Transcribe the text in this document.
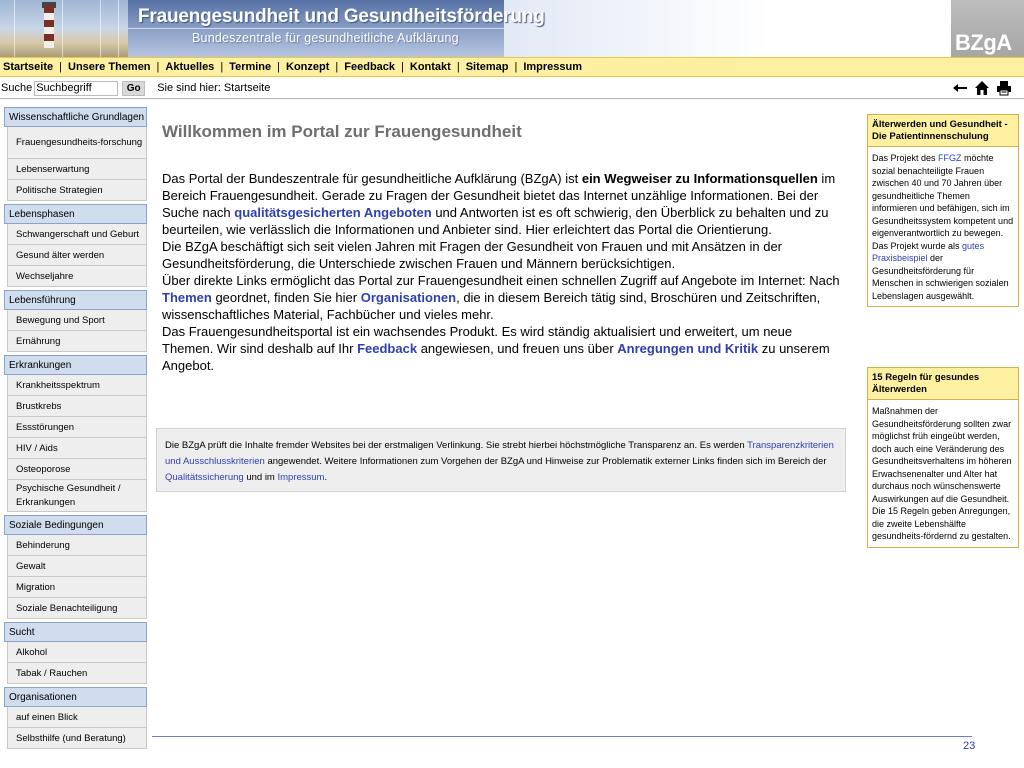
Frauengesundheit und Gesundheitsförderung
Bundeszentrale für gesundheitliche Aufklärung	BZgA
Startseite | Unsere Themen | Aktuelles | Termine | Konzept | Feedback | Kontakt | Sitemap | Impressum
Suche
Suchbegriff	Go	Sie sind hier: Startseite
Wissenschaftliche Grundlagen
Frauengesundheits-forschung
Lebenserwartung
Politische Strategien
Lebensphasen
Schwangerschaft und Geburt
Gesund älter werden
Wechseljahre
Lebensführung
Bewegung und Sport
Ernährung
Erkrankungen
Krankheitsspektrum
Brustkrebs
Essstörungen
HIV / Aids
Osteoporose
Psychische Gesundheit / Erkrankungen
Soziale Bedingungen
Behinderung
Gewalt
Migration
Soziale Benachteiligung
Sucht
Alkohol
Tabak / Rauchen
Organisationen
auf einen Blick
Selbsthilfe (und Beratung)
Willkommen im Portal zur Frauengesundheit

Das Portal der Bundeszentrale für gesundheitliche Aufklärung (BZgA) ist ein Wegweiser zu Informationsquellen im Bereich Frauengesundheit. Gerade zu Fragen der Gesundheit bietet das Internet unzählige Informationen. Bei der Suche nach qualitätsgesicherten Angeboten und Antworten ist es oft schwierig, den Überblick zu behalten und zu beurteilen, wie verlässlich die Informationen und Anbieter sind. Hier erleichtert das Portal die Orientierung.

Die BZgA beschäftigt sich seit vielen Jahren mit Fragen der Gesundheit von Frauen und mit Ansätzen in der Gesundheitsförderung, die Unterschiede zwischen Frauen und Männern berücksichtigen.

Über direkte Links ermöglicht das Portal zur Frauengesundheit einen schnellen Zugriff auf Angebote im Internet: Nach Themen geordnet, finden Sie hier Organisationen, die in diesem Bereich tätig sind, Broschüren und Zeitschriften, wissenschaftliches Material, Fachbücher und vieles mehr.

Das Frauengesundheitsportal ist ein wachsendes Produkt. Es wird ständig aktualisiert und erweitert, um neue Themen. Wir sind deshalb auf Ihr Feedback angewiesen, und freuen uns über Anregungen und Kritik zu unserem Angebot.

Die BZgA prüft die Inhalte fremder Websites bei der erstmaligen Verlinkung. Sie strebt hierbei höchstmögliche Transparenz an. Es werden Transparenzkriterien und Ausschlusskriterien angewendet. Weitere Informationen zum Vorgehen der BZgA und Hinweise zur Problematik externer Links finden sich im Bereich der Qualitätssicherung und im Impressum.
Älterwerden und Gesundheit - Die Patientinnenschulung
Das Projekt des FFGZ möchte sozial benachteiligte Frauen zwischen 40 und 70 Jahren über gesundheitliche Themen informieren und befähigen, sich im Gesundheitssystem kompetent und eigenverantwortlich zu bewegen.
Das Projekt wurde als gutes Praxisbeispiel der Gesundheitsförderung für Menschen in schwierigen sozialen Lebenslagen ausgewählt.
15 Regeln für gesundes Älterwerden
Maßnahmen der Gesundheitsförderung sollten zwar möglichst früh eingeübt werden, doch auch eine Veränderung des Gesundheitsverhaltens im höheren Erwachsenenalter und Alter hat durchaus noch wünschenswerte Auswirkungen auf die Gesundheit. Die 15 Regeln geben Anregungen, die zweite Lebenshälfte gesundheits-fördernd zu gestalten.
23
